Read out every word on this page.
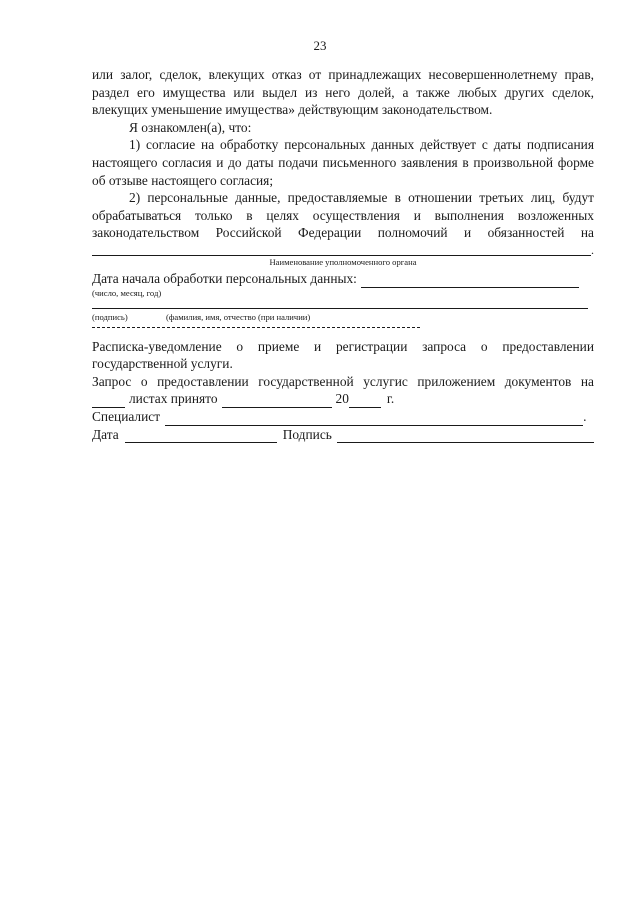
23

или залог, сделок, влекущих отказ от принадлежащих несовершеннолетнему прав, раздел его имущества или выдел из него долей, а также любых других сделок, влекущих уменьшение имущества» действующим законодательством.

Я ознакомлен(а), что:

1) согласие на обработку персональных данных действует с даты подписания настоящего согласия и до даты подачи письменного заявления в произвольной форме об отзыве настоящего согласия;

2) персональные данные, предоставляемые в отношении третьих лиц, будут обрабатываться только в целях осуществления и выполнения возложенных законодательством Российской Федерации полномочий и обязанностей на

.
Наименование уполномоченного органа
Дата начала обработки персональных данных:
(число, месяц, год)
(подпись)	(фамилия, имя, отчество (при наличии)

Расписка-уведомление о приеме и регистрации запроса о предоставлении государственной услуги.

Запрос о предоставлении государственной услугис приложением документов на

листах принято	20	г.
Специалист	.
Дата	Подпись
